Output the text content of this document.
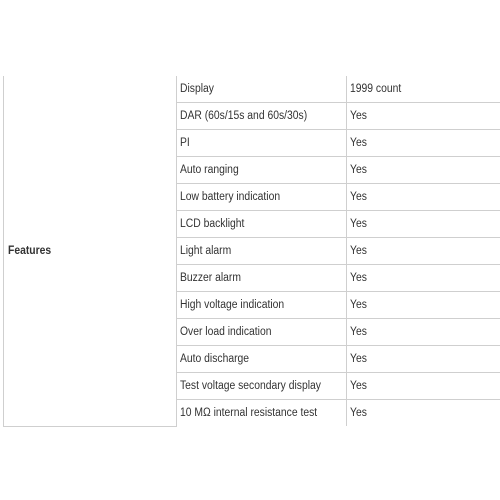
Features	Display	1999 count
	DAR (60s/15s and 60s/30s)	Yes
	PI	Yes
	Auto ranging	Yes
	Low battery indication	Yes
	LCD backlight	Yes
	Light alarm	Yes
	Buzzer alarm	Yes
	High voltage indication	Yes
	Over load indication	Yes
	Auto discharge	Yes
	Test voltage secondary display	Yes
	10 MΩ internal resistance test	Yes
